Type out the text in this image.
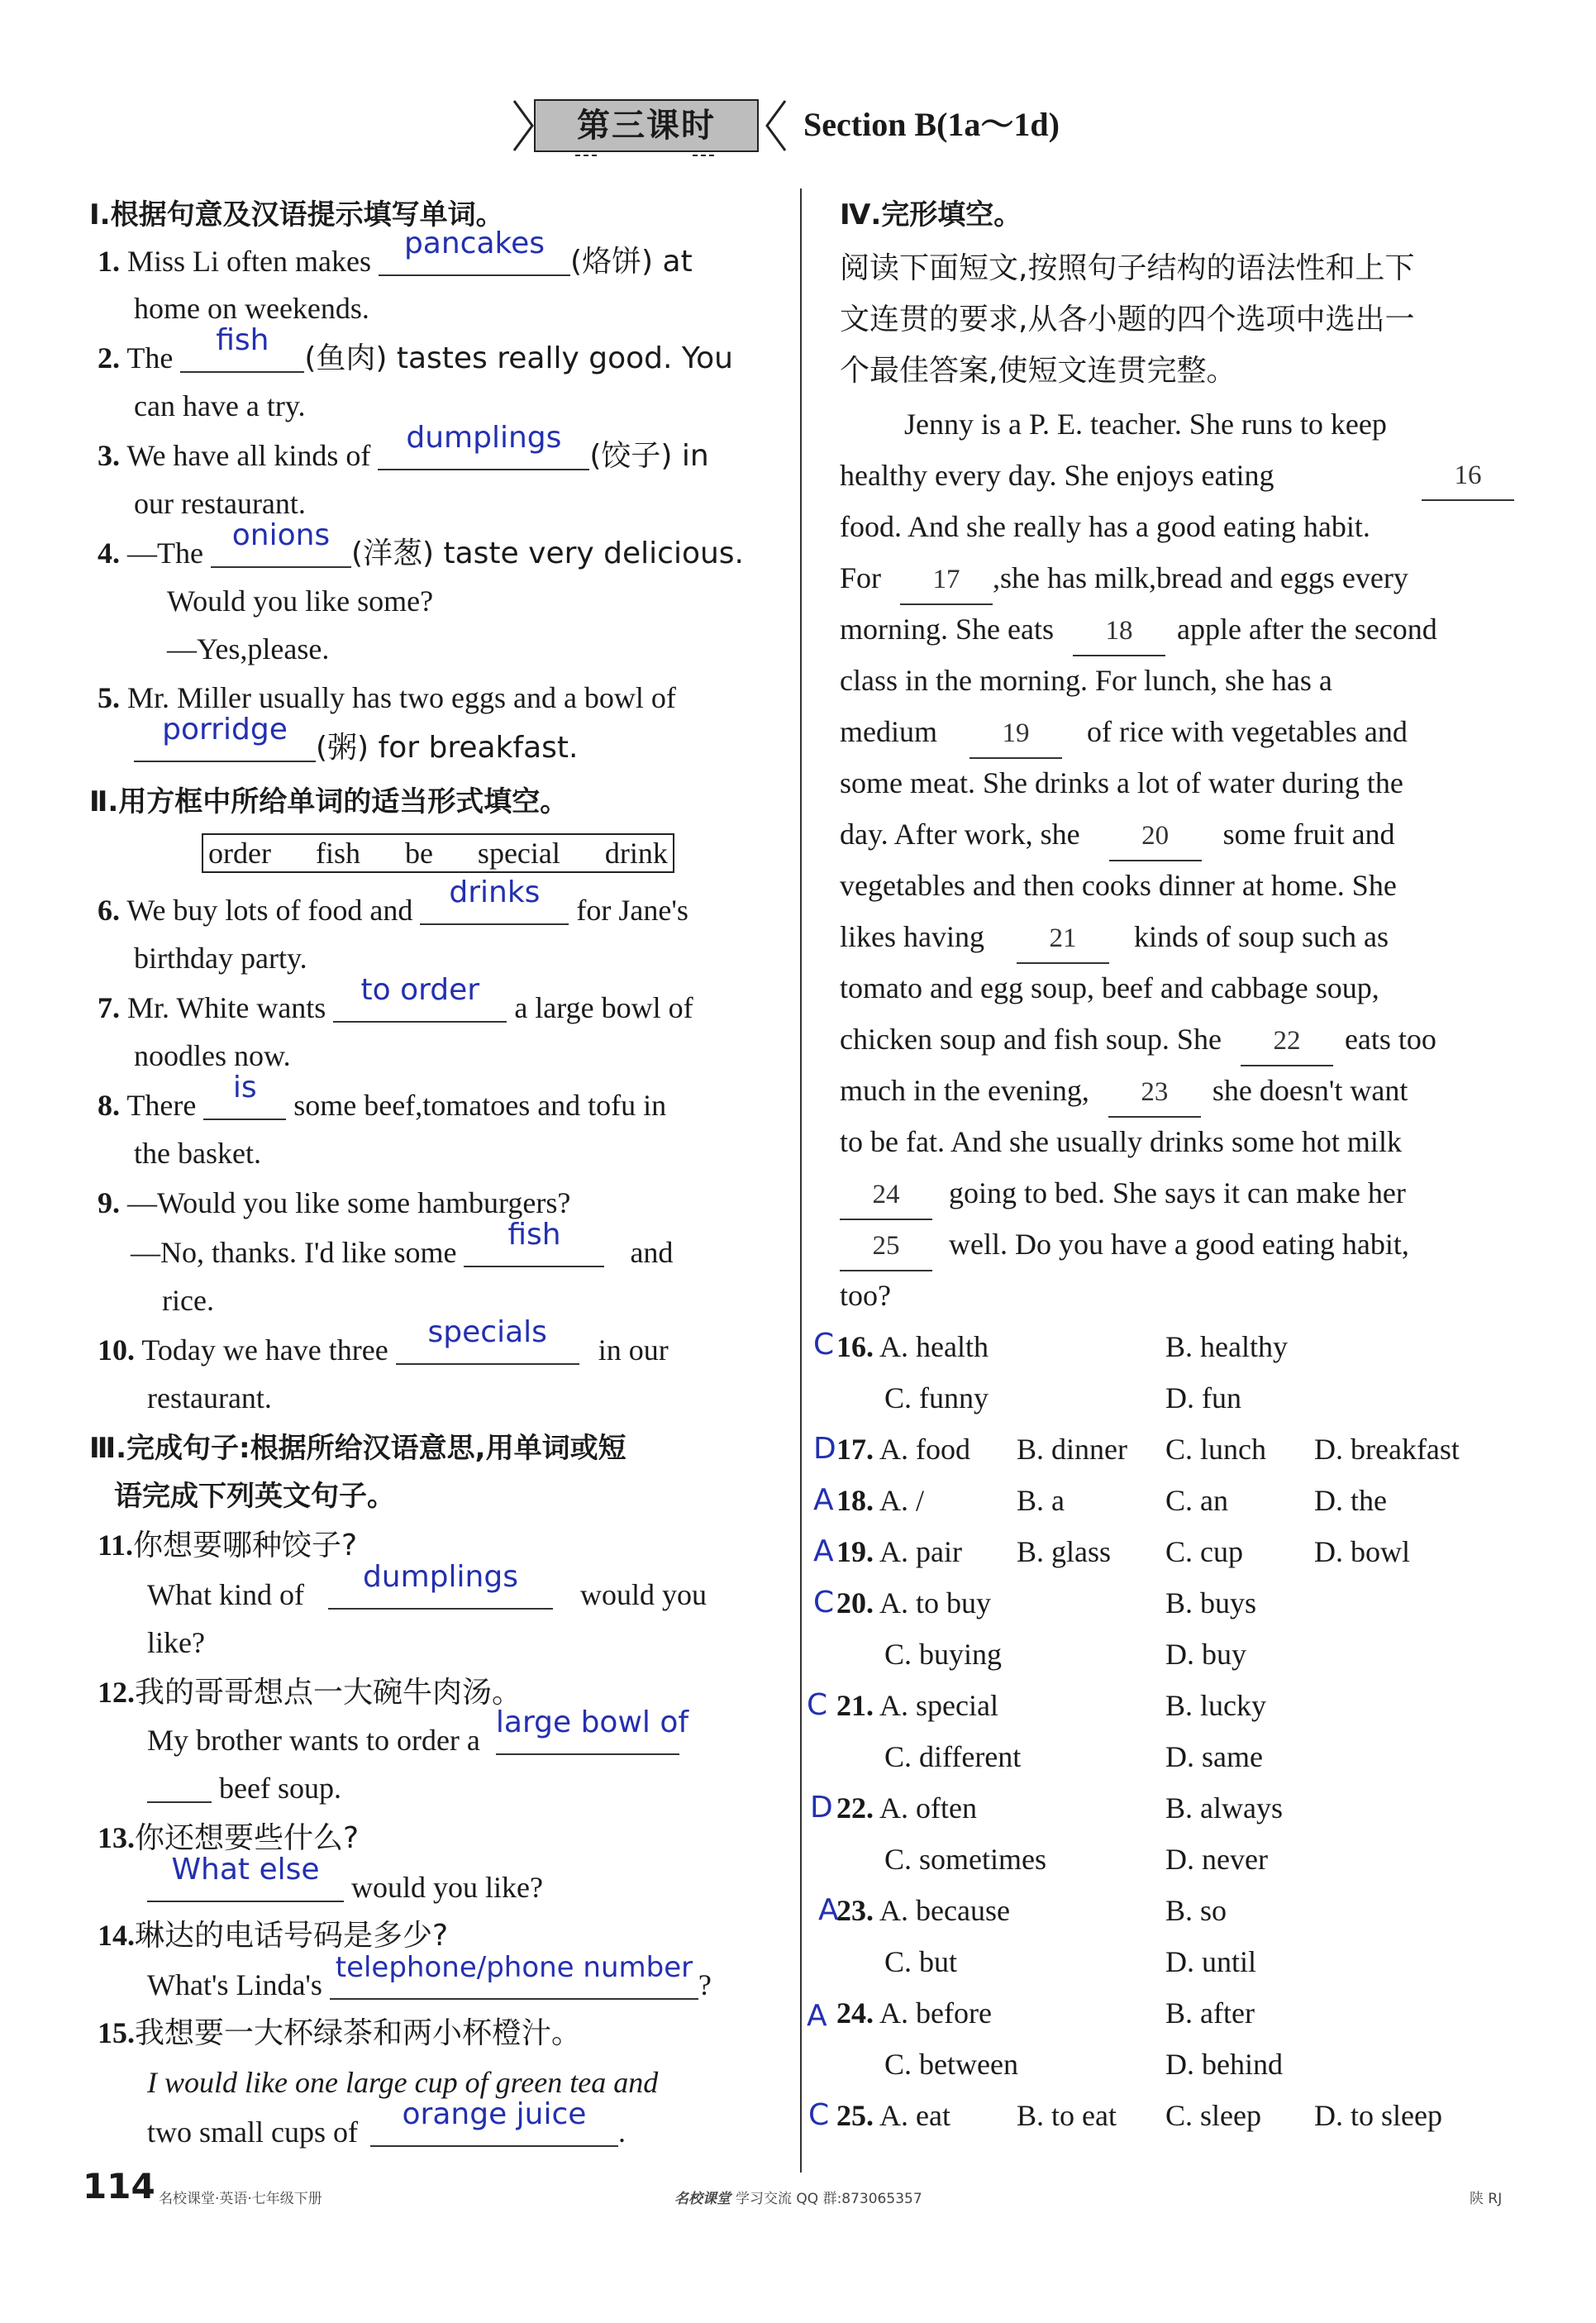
第三课时	Section B(1a～1d)
Ⅰ.根据句意及汉语提示填写单词。
1. Miss Li often makes
pancakes
(烙饼) at
home on weekends.
2. The
fish
(鱼肉) tastes really good. You
can have a try.
3. We have all kinds of
dumplings
(饺子) in
our restaurant.
4. —The
onions
(洋葱) taste very delicious.
Would you like some?
—Yes,please.
5. Mr. Miller usually has two eggs and a bowl of
porridge
(粥) for breakfast.
Ⅱ.用方框中所给单词的适当形式填空。
order  fish  be  special  drink
6. We buy lots of food and
drinks
for Jane's
birthday party.
7. Mr. White wants
to order
a large bowl of
noodles now.
8. There
is
some beef,tomatoes and tofu in
the basket.
9. —Would you like some hamburgers?
—No, thanks. I'd like some
fish
and
rice.
10. Today we have three
specials
in our
restaurant.
Ⅲ.完成句子:根据所给汉语意思,用单词或短
语完成下列英文句子。
11.你想要哪种饺子?
What kind of
dumplings
would you
like?
12.我的哥哥想点一大碗牛肉汤。
My brother wants to order a
large bowl of
beef soup.
13.你还想要些什么?
What else
would you like?
14.琳达的电话号码是多少?
What's Linda's
telephone/phone number
?
15.我想要一大杯绿茶和两小杯橙汁。
I would like one large cup of green tea and
two small cups of
orange juice
.
Ⅳ.完形填空。
阅读下面短文,按照句子结构的语法性和上下
文连贯的要求,从各小题的四个选项中选出一
个最佳答案,使短文连贯完整。
Jenny is a P. E. teacher. She runs to keep
healthy every day. She enjoys eating	16
food. And she really has a good eating habit.
For 17 ,she has milk,bread and eggs every
morning. She eats 18 apple after the second
class in the morning. For lunch, she has a
medium 19 of rice with vegetables and
some meat. She drinks a lot of water during the
day. After work, she 20 some fruit and
vegetables and then cooks dinner at home. She
likes having 21 kinds of soup such as
tomato and egg soup, beef and cabbage soup,
chicken soup and fish soup. She 22 eats too
much in the evening, 23 she doesn't want
to be fat. And she usually drinks some hot milk
24 going to bed. She says it can make her
25 well. Do you have a good eating habit,
too?
C 16. A. health	B. healthy
C. funny	D. fun
D 17. A. food B. dinner C. lunch D. breakfast
A 18. A. /	B. a	C. an	D. the
A 19. A. pair B. glass C. cup D. bowl
C 20. A. to buy	B. buys
C. buying	D. buy
C 21. A. special	B. lucky
C. different	D. same
D 22. A. often	B. always
C. sometimes	D. never
A
23. A. because	B. so
C. but	D. until
A 24. A. before	B. after
C. between	D. behind
C 25. A. eat B. to eat C. sleep D. to sleep
114 名校课堂·英语·七年级下册	名校课堂 学习交流 QQ 群:873065357	陕 RJ
